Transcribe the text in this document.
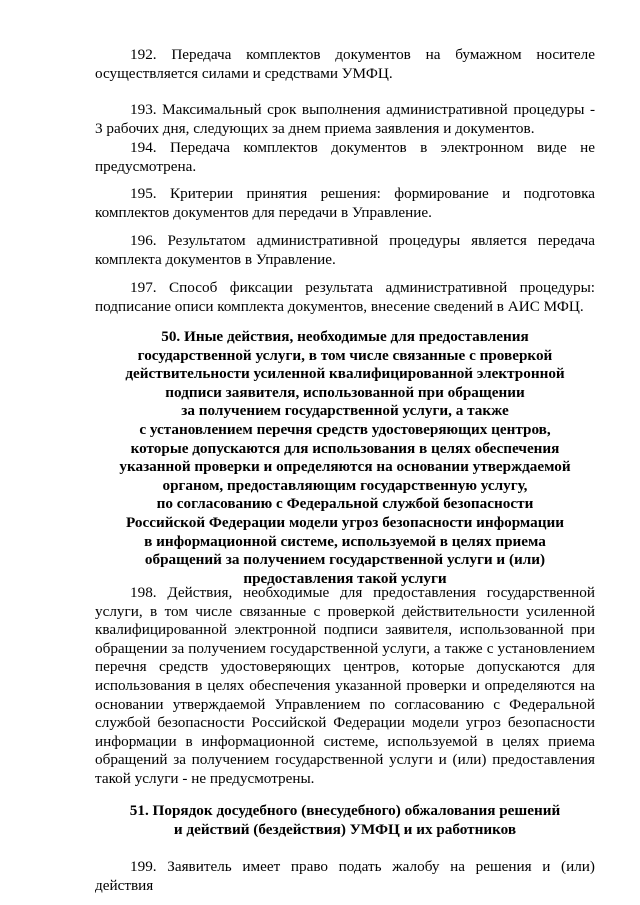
192. Передача комплектов документов на бумажном носителе осуществляется силами и средствами УМФЦ.

193. Максимальный срок выполнения административной процедуры - 3 рабочих дня, следующих за днем приема заявления и документов.

194. Передача комплектов документов в электронном виде не предусмотрена.

195. Критерии принятия решения: формирование и подготовка комплектов документов для передачи в Управление.

196. Результатом административной процедуры является передача комплекта документов в Управление.

197. Способ фиксации результата административной процедуры: подписание описи комплекта документов, внесение сведений в АИС МФЦ.

50. Иные действия, необходимые для предоставления
государственной услуги, в том числе связанные с проверкой
действительности усиленной квалифицированной электронной
подписи заявителя, использованной при обращении
за получением государственной услуги, а также
с установлением перечня средств удостоверяющих центров,
которые допускаются для использования в целях обеспечения
указанной проверки и определяются на основании утверждаемой
органом, предоставляющим государственную услугу,
по согласованию с Федеральной службой безопасности
Российской Федерации модели угроз безопасности информации
в информационной системе, используемой в целях приема
обращений за получением государственной услуги и (или)
предоставления такой услуги

198. Действия, необходимые для предоставления государственной услуги, в том числе связанные с проверкой действительности усиленной квалифицированной электронной подписи заявителя, использованной при обращении за получением государственной услуги, а также с установлением перечня средств удостоверяющих центров, которые допускаются для использования в целях обеспечения указанной проверки и определяются на основании утверждаемой Управлением по согласованию с Федеральной службой безопасности Российской Федерации модели угроз безопасности информации в информационной системе, используемой в целях приема обращений за получением государственной услуги и (или) предоставления такой услуги - не предусмотрены.

51. Порядок досудебного (внесудебного) обжалования решений
и действий (бездействия) УМФЦ и их работников

199. Заявитель имеет право подать жалобу на решения и (или) действия
